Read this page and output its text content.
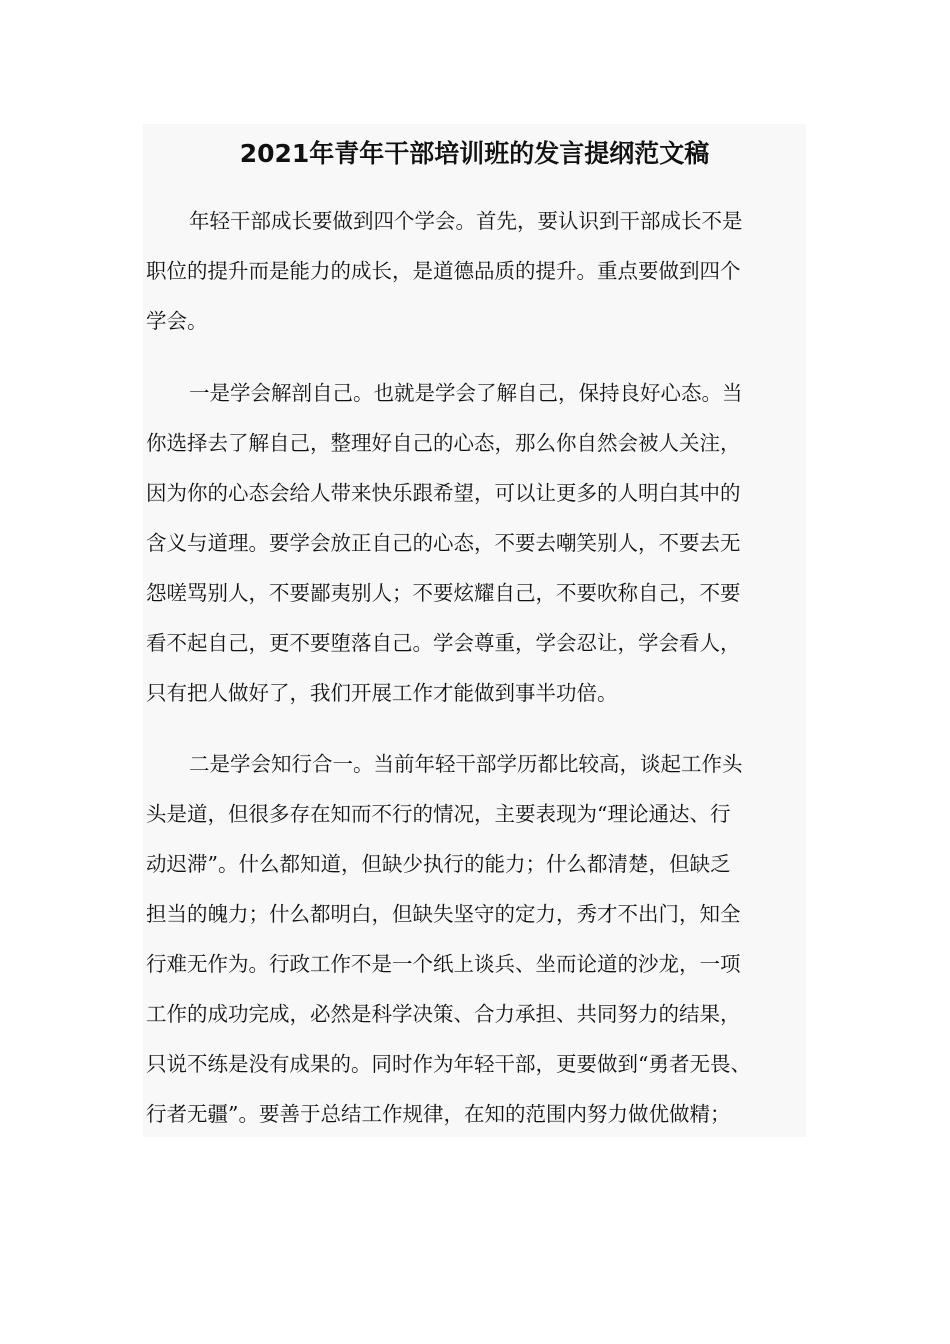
2021年青年干部培训班的发言提纲范文稿

年轻干部成长要做到四个学会。首先，要认识到干部成长不是
职位的提升而是能力的成长，是道德品质的提升。重点要做到四个
学会。

一是学会解剖自己。也就是学会了解自己，保持良好心态。当
你选择去了解自己，整理好自己的心态，那么你自然会被人关注，
因为你的心态会给人带来快乐跟希望，可以让更多的人明白其中的
含义与道理。要学会放正自己的心态，不要去嘲笑别人，不要去无
怨嗟骂别人，不要鄙夷别人；不要炫耀自己，不要吹称自己，不要
看不起自己，更不要堕落自己。学会尊重，学会忍让，学会看人，
只有把人做好了，我们开展工作才能做到事半功倍。

二是学会知行合一。当前年轻干部学历都比较高，谈起工作头
头是道，但很多存在知而不行的情况，主要表现为“理论通达、行
动迟滞”。什么都知道，但缺少执行的能力；什么都清楚，但缺乏
担当的魄力；什么都明白，但缺失坚守的定力，秀才不出门，知全
行难无作为。行政工作不是一个纸上谈兵、坐而论道的沙龙，一项
工作的成功完成，必然是科学决策、合力承担、共同努力的结果，
只说不练是没有成果的。同时作为年轻干部，更要做到“勇者无畏、
行者无疆”。要善于总结工作规律，在知的范围内努力做优做精；
